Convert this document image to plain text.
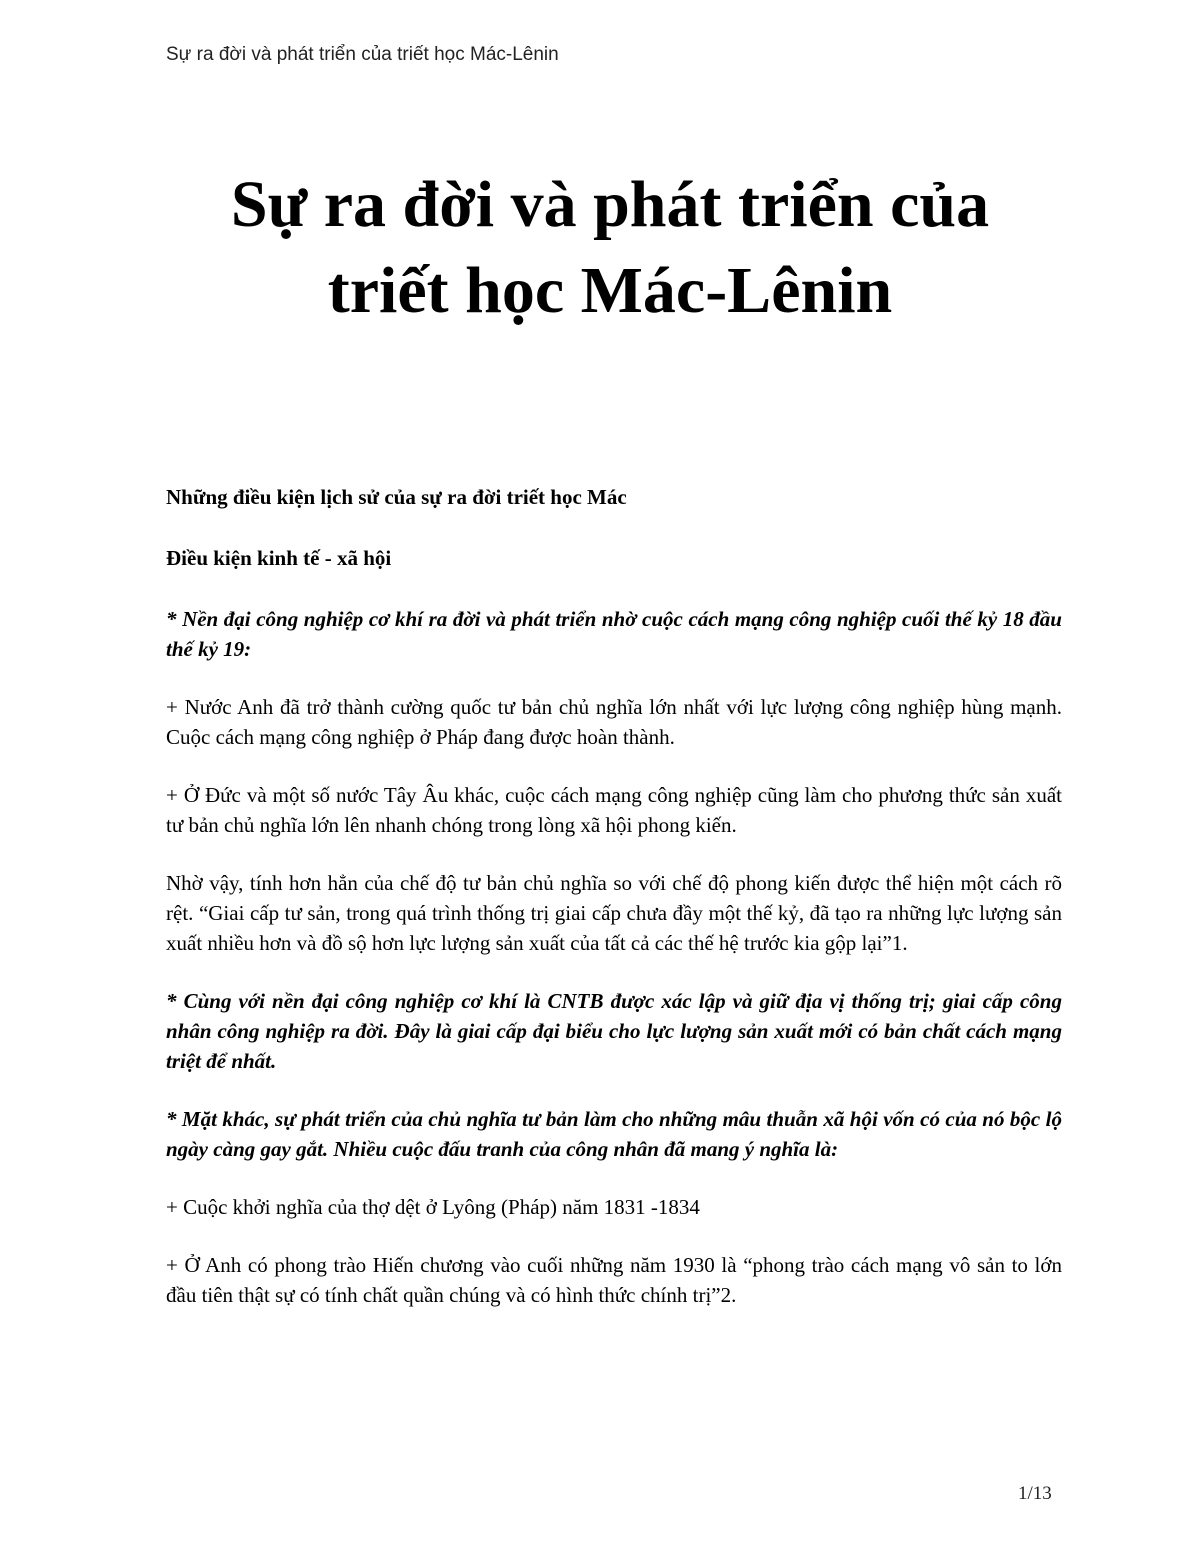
Sự ra đời và phát triển của triết học Mác-Lênin
Sự ra đời và phát triển của
triết học Mác-Lênin

Những điều kiện lịch sử của sự ra đời triết học Mác

Điều kiện kinh tế - xã hội

* Nền đại công nghiệp cơ khí ra đời và phát triển nhờ cuộc cách mạng công nghiệp cuối thế kỷ 18 đầu thế kỷ 19:

+ Nước Anh đã trở thành cường quốc tư bản chủ nghĩa lớn nhất với lực lượng công nghiệp hùng mạnh. Cuộc cách mạng công nghiệp ở Pháp đang được hoàn thành.

+ Ở Đức và một số nước Tây Âu khác, cuộc cách mạng công nghiệp cũng làm cho phương thức sản xuất tư bản chủ nghĩa lớn lên nhanh chóng trong lòng xã hội phong kiến.

Nhờ vậy, tính hơn hẳn của chế độ tư bản chủ nghĩa so với chế độ phong kiến được thể hiện một cách rõ rệt. “Giai cấp tư sản, trong quá trình thống trị giai cấp chưa đầy một thế kỷ, đã tạo ra những lực lượng sản xuất nhiều hơn và đồ sộ hơn lực lượng sản xuất của tất cả các thế hệ trước kia gộp lại”1.

* Cùng với nền đại công nghiệp cơ khí là CNTB được xác lập và giữ địa vị thống trị; giai cấp công nhân công nghiệp ra đời. Đây là giai cấp đại biểu cho lực lượng sản xuất mới có bản chất cách mạng triệt để nhất.

* Mặt khác, sự phát triển của chủ nghĩa tư bản làm cho những mâu thuẫn xã hội vốn có của nó bộc lộ ngày càng gay gắt. Nhiều cuộc đấu tranh của công nhân đã mang ý nghĩa là:

+ Cuộc khởi nghĩa của thợ dệt ở Lyông (Pháp) năm 1831 -1834

+ Ở Anh có phong trào Hiến chương vào cuối những năm 1930 là “phong trào cách mạng vô sản to lớn đầu tiên thật sự có tính chất quần chúng và có hình thức chính trị”2.

1/13
